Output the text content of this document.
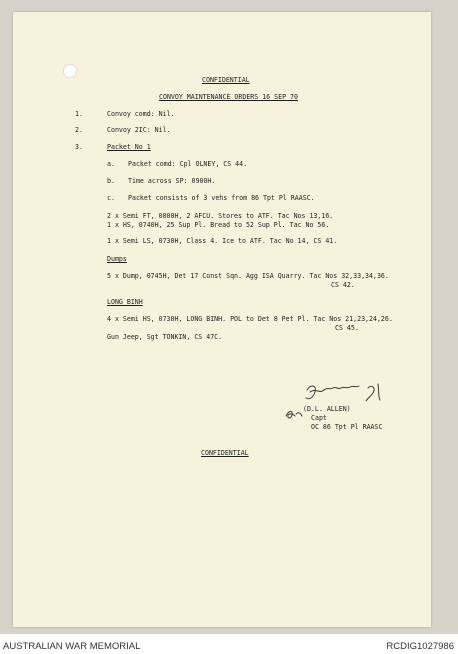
CONFIDENTIAL
CONVOY MAINTENANCE ORDERS 16 SEP 70
1.	Convoy comd: Nil.
2.	Convoy 2IC: Nil.
3.	Packet No 1
a. Packet comd: Cpl OLNEY, CS 44.
b. Time across SP: 0900H.
c. Packet consists of 3 vehs from 86 Tpt Pl RAASC.
2 x Semi FT, 0800H, 2 AFCU. Stores to ATF. Tac Nos 13,16.
1 x HS, 0740H, 25 Sup Pl. Bread to 52 Sup Pl. Tac No 56.
1 x Semi LS, 0730H, Class 4. Ice to ATF. Tac No 14, CS 41.
Dumps
5 x Dump, 0745H, Det 17 Const Sqn. Agg ISA Quarry. Tac Nos 32,33,34,36.
CS 42.
LONG BINH
4 x Semi HS, 0730H, LONG BINH. POL to Det 8 Pet Pl. Tac Nos 21,23,24,26.
CS 45.
Gun Jeep, Sgt TONKIN, CS 47C.
(D.L. ALLEN)
Capt
OC 86 Tpt Pl RAASC
CONFIDENTIAL
AUSTRALIAN WAR MEMORIAL	RCDIG1027986
